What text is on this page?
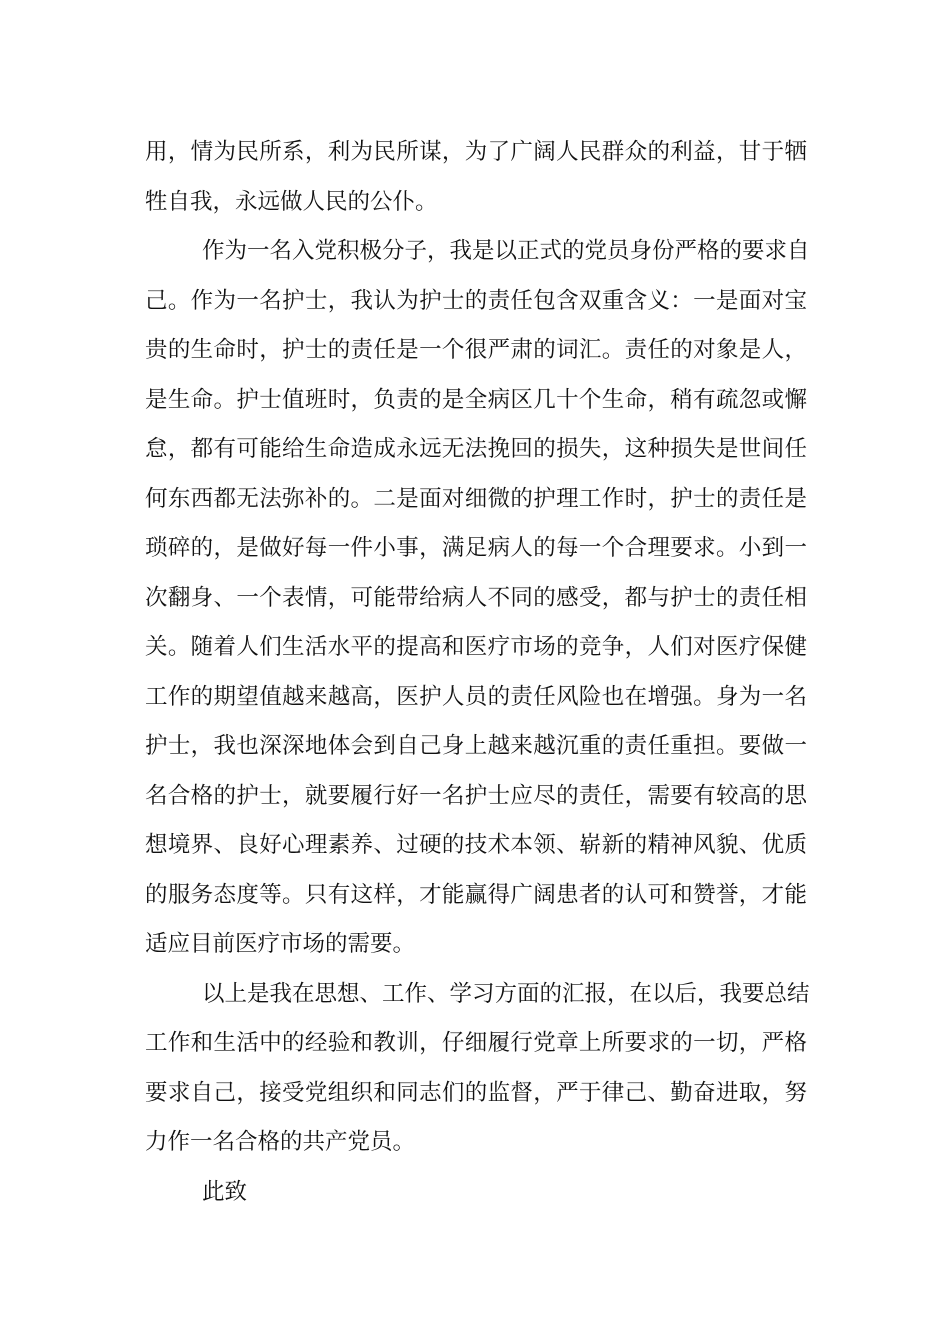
用，情为民所系，利为民所谋，为了广阔人民群众的利益，甘于牺
牲自我，永远做人民的公仆。
作为一名入党积极分子，我是以正式的党员身份严格的要求自
己。作为一名护士，我认为护士的责任包含双重含义：一是面对宝
贵的生命时，护士的责任是一个很严肃的词汇。责任的对象是人，
是生命。护士值班时，负责的是全病区几十个生命，稍有疏忽或懈
怠，都有可能给生命造成永远无法挽回的损失，这种损失是世间任
何东西都无法弥补的。二是面对细微的护理工作时，护士的责任是
琐碎的，是做好每一件小事，满足病人的每一个合理要求。小到一
次翻身、一个表情，可能带给病人不同的感受，都与护士的责任相
关。随着人们生活水平的提高和医疗市场的竞争，人们对医疗保健
工作的期望值越来越高，医护人员的责任风险也在增强。身为一名
护士，我也深深地体会到自己身上越来越沉重的责任重担。要做一
名合格的护士，就要履行好一名护士应尽的责任，需要有较高的思
想境界、良好心理素养、过硬的技术本领、崭新的精神风貌、优质
的服务态度等。只有这样，才能赢得广阔患者的认可和赞誉，才能
适应目前医疗市场的需要。
以上是我在思想、工作、学习方面的汇报，在以后，我要总结
工作和生活中的经验和教训，仔细履行党章上所要求的一切，严格
要求自己，接受党组织和同志们的监督，严于律己、勤奋进取，努
力作一名合格的共产党员。
此致
